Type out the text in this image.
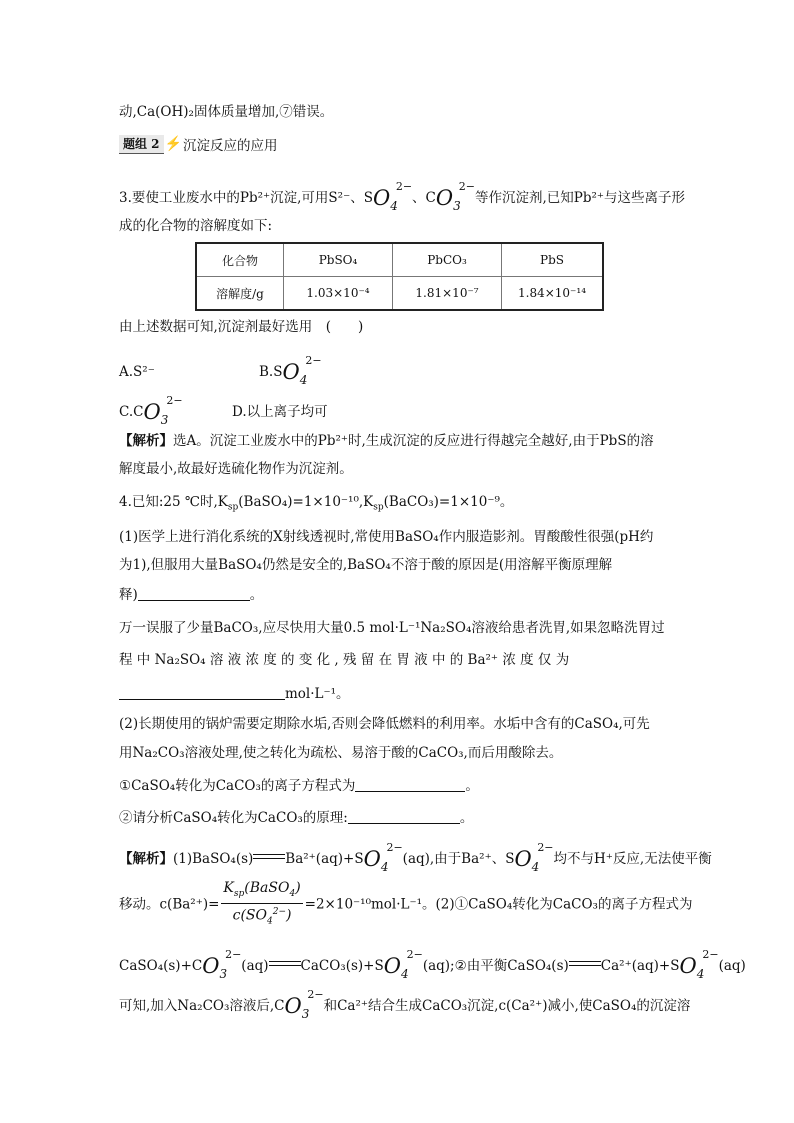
动,Ca(OH)₂固体质量增加,⑦错误。
题组 2 ⚡ 沉淀反应的应用
3.要使工业废水中的Pb²⁺沉淀,可用S²⁻、$SO4^{2-}$、$CO3^{2-}$等作沉淀剂,已知Pb²⁺与这些离子形
成的化合物的溶解度如下:
化合物	PbSO₄	PbCO₃	PbS
溶解度/g	1.03×10⁻⁴	1.81×10⁻⁷	1.84×10⁻¹⁴
由上述数据可知,沉淀剂最好选用　(　　)
A.S²⁻	$B.SO4^{2-}$
$C.CO3^{2-}$
D.以上离子均可
【解析】选A。沉淀工业废水中的Pb²⁺时,生成沉淀的反应进行得越完全越好,由于PbS的溶
解度最小,故最好选硫化物作为沉淀剂。
4.已知:25 ℃时$,K_{sp}(BaSO_4)=1\times 10^{-10},K_{sp}(BaCO_3)=1\times 10^{-9}$。
(1)医学上进行消化系统的X射线透视时,常使用BaSO₄作内服造影剂。胃酸酸性很强(pH约
为1),但服用大量BaSO₄仍然是安全的,BaSO₄不溶于酸的原因是(用溶解平衡原理解
释)	。
万一误服了少量BaCO₃,应尽快用大量0.5 mol·L⁻¹Na₂SO₄溶液给患者洗胃,如果忽略洗胃过
程 中 Na₂SO₄ 溶 液 浓 度 的 变 化 , 残 留 在 胃 液 中 的 Ba²⁺ 浓 度 仅 为
mol·L⁻¹。
(2)长期使用的锅炉需要定期除水垢,否则会降低燃料的利用率。水垢中含有的CaSO₄,可先
用Na₂CO₃溶液处理,使之转化为疏松、易溶于酸的CaCO₃,而后用酸除去。
①CaSO₄转化为CaCO₃的离子方程式为	。
②请分析CaSO₄转化为CaCO₃的原理:	。
【解析】(1)BaSO₄(s) $Ba^{2+}(aq)+SO4^{2-}(aq)$,由于Ba²⁺、$SO4^{2-}$均不与H⁺反应,无法使平衡
移动。$c(Ba^{2+})= \frac{K_{sp}(BaSO_4)}{c(SO_4^{2-})} =2\times 10^{-10}mol\cdot L^{-1}$。(2)①CaSO₄转化为CaCO₃的离子方程式为
$CaSO_4(s)+CO3^{2-}(aq)$ $CaCO_3(s)+SO4^{2-}(aq);②$由平衡CaSO₄(s) $Ca^{2+}(aq)+SO4^{2-}(aq)$
可知,加入Na₂CO₃溶液后$,CO3^{2-}$和Ca²⁺结合生成CaCO₃沉淀,c(Ca²⁺)减小,使CaSO₄的沉淀溶
